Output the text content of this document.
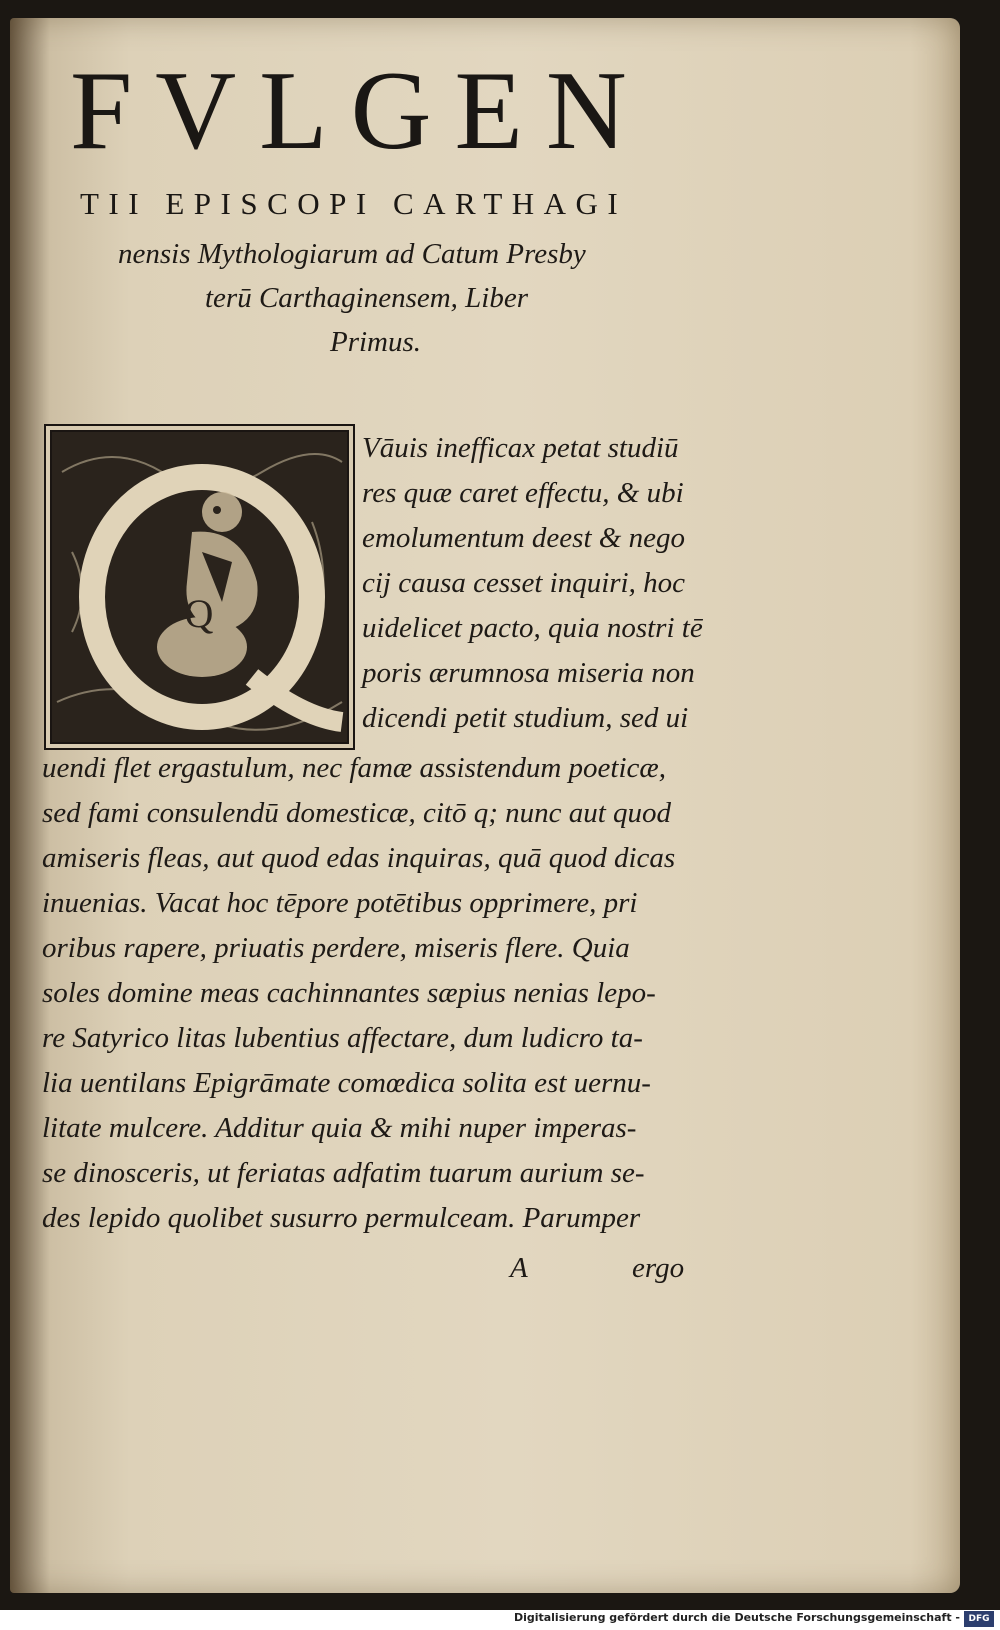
FVLGEN
TII EPISCOPI CARTHAGI
nensis Mythologiarum ad Catum Presby
terū Carthaginensem, Liber
Primus.
Q
Vāuis inefficax petat studiū
res quæ caret effectu, & ubi
emolumentum deest & nego
cij causa cesset inquiri, hoc
uidelicet pacto, quia nostri tē
poris ærumnosa miseria non
dicendi petit studium, sed ui
uendi flet ergastulum, nec famæ assistendum poeticæ,
sed fami consulendū domesticæ, citō q; nunc aut quod
amiseris fleas, aut quod edas inquiras, quā quod dicas
inuenias. Vacat hoc tēpore potētibus opprimere, pri
oribus rapere, priuatis perdere, miseris flere. Quia
soles domine meas cachinnantes sæpius nenias lepo-
re Satyrico litas lubentius affectare, dum ludicro ta-
lia uentilans Epigrāmate comœdica solita est uernu-
litate mulcere. Additur quia & mihi nuper imperas-
se dinosceris, ut feriatas adfatim tuarum aurium se-
des lepido quolibet susurro permulceam. Parumper
A	ergo
Digitalisierung gefördert durch die Deutsche Forschungsgemeinschaft - DFG
